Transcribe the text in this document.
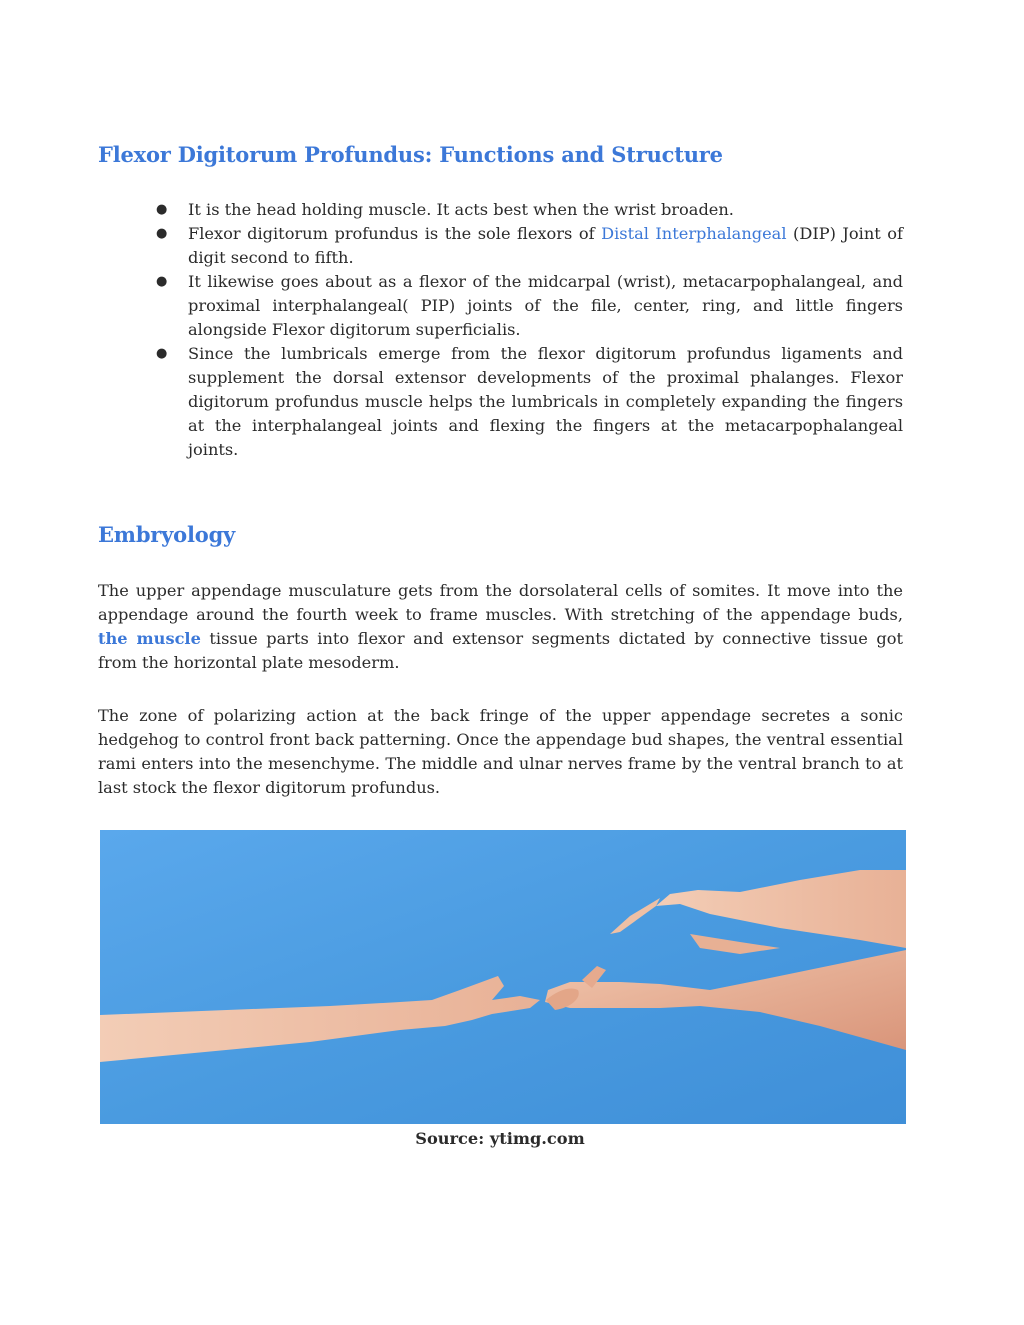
Flexor Digitorum Profundus: Functions and Structure
● It is the head holding muscle. It acts best when the wrist broaden.
● Flexor digitorum profundus is the sole flexors of Distal Interphalangeal (DIP) Joint of digit second to fifth.
● It likewise goes about as a flexor of the midcarpal (wrist), metacarpophalangeal, and proximal interphalangeal( PIP) joints of the file, center, ring, and little fingers alongside Flexor digitorum superficialis.
● Since the lumbricals emerge from the flexor digitorum profundus ligaments and supplement the dorsal extensor developments of the proximal phalanges. Flexor digitorum profundus muscle helps the lumbricals in completely expanding the fingers at the interphalangeal joints and flexing the fingers at the metacarpophalangeal joints.
Embryology

The upper appendage musculature gets from the dorsolateral cells of somites. It move into the appendage around the fourth week to frame muscles. With stretching of the appendage buds, the muscle tissue parts into flexor and extensor segments dictated by connective tissue got from the horizontal plate mesoderm.

The zone of polarizing action at the back fringe of the upper appendage secretes a sonic hedgehog to control front back patterning. Once the appendage bud shapes, the ventral essential rami enters into the mesenchyme. The middle and ulnar nerves frame by the ventral branch to at last stock the flexor digitorum profundus.

Source: ytimg.com
